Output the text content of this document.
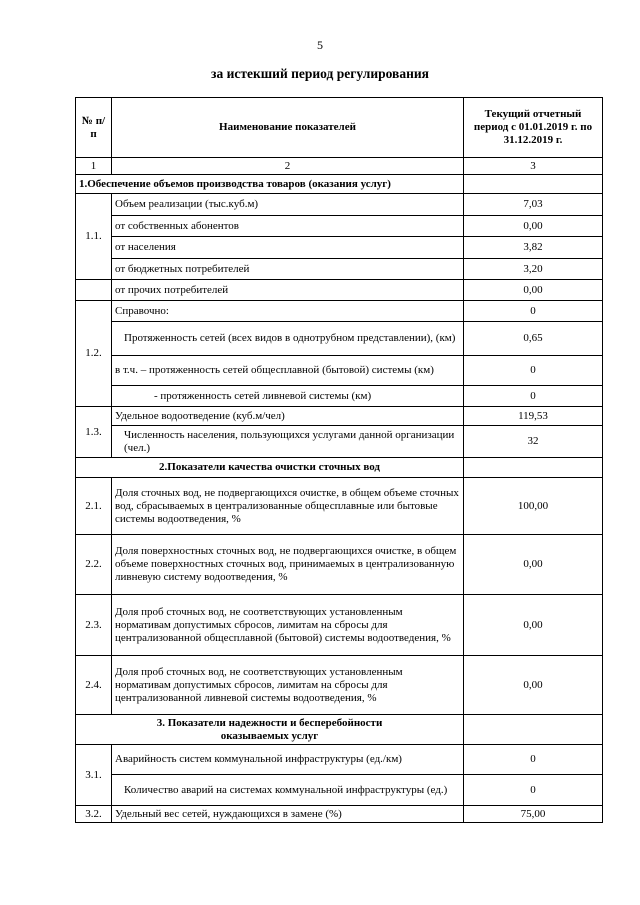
5
за истекший период регулирования
№ п/п	Наименование показателей	Текущий отчетный период с 01.01.2019 г. по 31.12.2019 г.
1	2	3
1.Обеспечение объемов производства товаров (оказания услуг)		
1.1.	Объем реализации (тыс.куб.м)	7,03
	от собственных абонентов	0,00
	от населения	3,82
	от бюджетных потребителей	3,20
	от прочих потребителей	0,00
1.2.	Справочно:	0
	Протяженность сетей (всех видов в однотрубном представлении), (км)	0,65
	в т.ч. – протяженность сетей общесплавной (бытовой) системы (км)	0
	- протяженность сетей ливневой системы (км)	0
1.3.	Удельное водоотведение (куб.м/чел)	119,53
	Численность населения, пользующихся услугами данной организации (чел.)	32
2.Показатели качества очистки сточных вод		
2.1.	Доля сточных вод, не подвергающихся очистке, в общем объеме сточных вод, сбрасываемых в централизованные общесплавные или бытовые системы водоотведения, %	100,00
2.2.	Доля поверхностных сточных вод, не подвергающихся очистке, в общем объеме поверхностных сточных вод, принимаемых в централизованную ливневую систему водоотведения, %	0,00
2.3.	Доля проб сточных вод, не соответствующих установленным нормативам допустимых сбросов, лимитам на сбросы для централизованной общесплавной (бытовой) системы водоотведения, %	0,00
2.4.	Доля проб сточных вод, не соответствующих установленным нормативам допустимых сбросов, лимитам на сбросы для централизованной ливневой системы водоотведения, %	0,00
3. Показатели надежности и бесперебойности оказываемых услуг		
3.1.	Аварийность систем коммунальной инфраструктуры (ед./км)	0
	Количество аварий на системах коммунальной инфраструктуры (ед.)	0
3.2.	Удельный вес сетей, нуждающихся в замене (%)	75,00
